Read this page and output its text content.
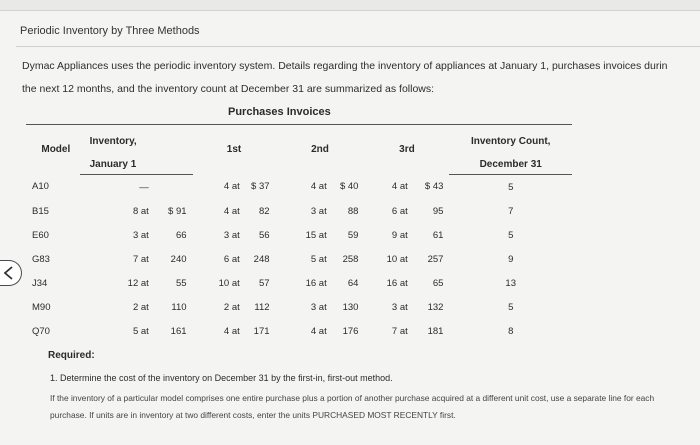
Periodic Inventory by Three Methods
Dymac Appliances uses the periodic inventory system. Details regarding the inventory of appliances at January 1, purchases invoices durin
the next 12 months, and the inventory count at December 31 are summarized as follows:
Purchases Invoices
Model	Inventory,		1st		2nd		3rd		Inventory Count,
	January 1								December 31
A10	—		4 at	$ 37	4 at	$ 40	4 at	$ 43	5
B15	8 at	$ 91	4 at	82	3 at	88	6 at	95	7
E60	3 at	66	3 at	56	15 at	59	9 at	61	5
G83	7 at	240	6 at	248	5 at	258	10 at	257	9
J34	12 at	55	10 at	57	16 at	64	16 at	65	13
M90	2 at	110	2 at	112	3 at	130	3 at	132	5
Q70	5 at	161	4 at	171	4 at	176	7 at	181	8
Required:
1. Determine the cost of the inventory on December 31 by the first-in, first-out method.
If the inventory of a particular model comprises one entire purchase plus a portion of another purchase acquired at a different unit cost, use a separate line for each purchase. If units are in inventory at two different costs, enter the units PURCHASED MOST RECENTLY first.
